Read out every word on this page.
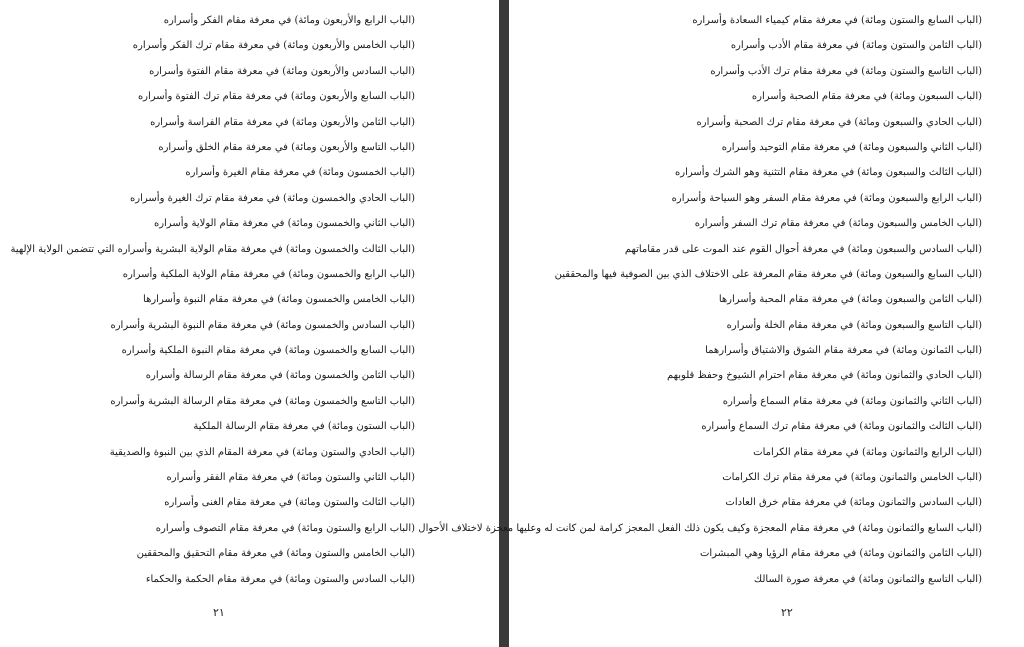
(الباب الرابع والأربعون ومائة) في معرفة مقام الفكر وأسراره
(الباب الخامس والأربعون ومائة) في معرفة مقام ترك الفكر وأسراره
(الباب السادس والأربعون ومائة) في معرفة مقام الفتوة وأسراره
(الباب السابع والأربعون ومائة) في معرفة مقام ترك الفتوة وأسراره
(الباب الثامن والأربعون ومائة) في معرفة مقام الفراسة وأسراره
(الباب التاسع والأربعون ومائة) في معرفة مقام الخلق وأسراره
(الباب الخمسون ومائة) في معرفة مقام الغيرة وأسراره
(الباب الحادي والخمسون ومائة) في معرفة مقام ترك الغيرة وأسراره
(الباب الثاني والخمسون ومائة) في معرفة مقام الولاية وأسراره
(الباب الثالث والخمسون ومائة) في معرفة مقام الولاية البشرية وأسراره التي تتضمن الولاية الإلهية
(الباب الرابع والخمسون ومائة) في معرفة مقام الولاية الملكية وأسراره
(الباب الخامس والخمسون ومائة) في معرفة مقام النبوة وأسرارها
(الباب السادس والخمسون ومائة) في معرفة مقام النبوة البشرية وأسراره
(الباب السابع والخمسون ومائة) في معرفة مقام النبوة الملكية وأسراره
(الباب الثامن والخمسون ومائة) في معرفة مقام الرسالة وأسراره
(الباب التاسع والخمسون ومائة) في معرفة مقام الرسالة البشرية وأسراره
(الباب الستون ومائة) في معرفة مقام الرسالة الملكية
(الباب الحادي والستون ومائة) في معرفة المقام الذي بين النبوة والصديقية
(الباب الثاني والستون ومائة) في معرفة مقام الفقر وأسراره
(الباب الثالث والستون ومائة) في معرفة مقام الغنى وأسراره
(الباب الرابع والستون ومائة) في معرفة مقام التصوف وأسراره
(الباب الخامس والستون ومائة) في معرفة مقام التحقيق والمحققين
(الباب السادس والستون ومائة) في معرفة مقام الحكمة والحكماء
٢١
(الباب السابع والستون ومائة) في معرفة مقام كيمياء السعادة وأسراره
(الباب الثامن والستون ومائة) في معرفة مقام الأدب وأسراره
(الباب التاسع والستون ومائة) في معرفة مقام ترك الأدب وأسراره
(الباب السبعون ومائة) في معرفة مقام الصحبة وأسراره
(الباب الحادي والسبعون ومائة) في معرفة مقام ترك الصحبة وأسراره
(الباب الثاني والسبعون ومائة) في معرفة مقام التوحيد وأسراره
(الباب الثالث والسبعون ومائة) في معرفة مقام التثنية وهو الشرك وأسراره
(الباب الرابع والسبعون ومائة) في معرفة مقام السفر وهو السياحة وأسراره
(الباب الخامس والسبعون ومائة) في معرفة مقام ترك السفر وأسراره
(الباب السادس والسبعون ومائة) في معرفة أحوال القوم عند الموت على قدر مقاماتهم
(الباب السابع والسبعون ومائة) في معرفة مقام المعرفة على الاختلاف الذي بين الصوفية فيها والمحققين
(الباب الثامن والسبعون ومائة) في معرفة مقام المحبة وأسرارها
(الباب التاسع والسبعون ومائة) في معرفة مقام الخلة وأسراره
(الباب الثمانون ومائة) في معرفة مقام الشوق والاشتياق وأسرارهما
(الباب الحادي والثمانون ومائة) في معرفة مقام احترام الشيوخ وحفظ قلوبهم
(الباب الثاني والثمانون ومائة) في معرفة مقام السماع وأسراره
(الباب الثالث والثمانون ومائة) في معرفة مقام ترك السماع وأسراره
(الباب الرابع والثمانون ومائة) في معرفة مقام الكرامات
(الباب الخامس والثمانون ومائة) في معرفة مقام ترك الكرامات
(الباب السادس والثمانون ومائة) في معرفة مقام خرق العادات
(الباب السابع والثمانون ومائة) في معرفة مقام المعجزة وكيف يكون ذلك الفعل المعجز كرامة لمن كانت له وعليها معجزة لاختلاف الأحوال
(الباب الثامن والثمانون ومائة) في معرفة مقام الرؤيا وهي المبشرات
(الباب التاسع والثمانون ومائة) في معرفة صورة السالك
٢٢
